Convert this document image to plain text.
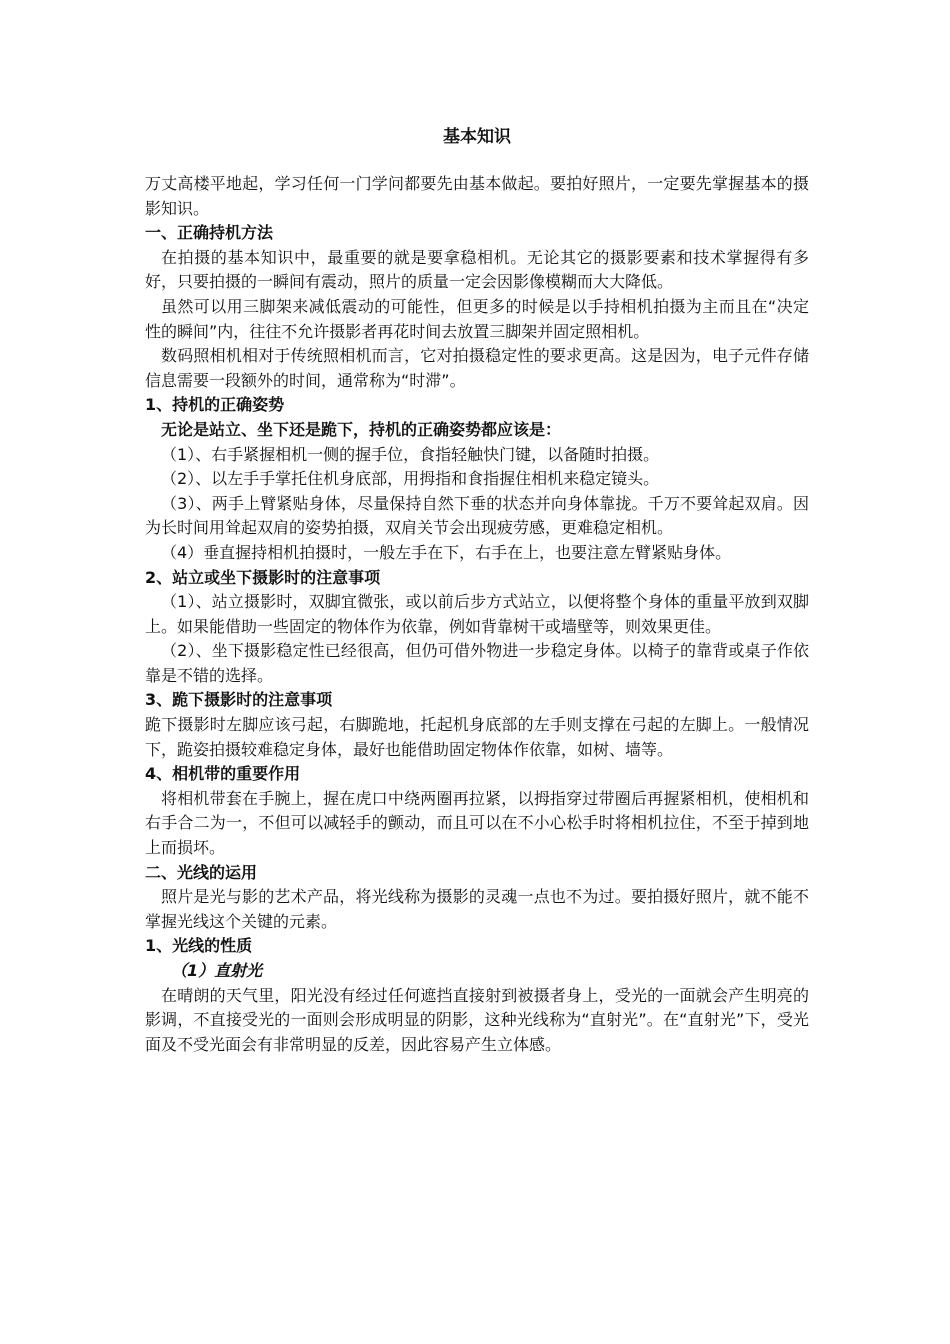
基本知识

万丈高楼平地起，学习任何一门学问都要先由基本做起。要拍好照片，一定要先掌握基本的摄影知识。

一、正确持机方法

在拍摄的基本知识中，最重要的就是要拿稳相机。无论其它的摄影要素和技术掌握得有多好，只要拍摄的一瞬间有震动，照片的质量一定会因影像模糊而大大降低。

虽然可以用三脚架来减低震动的可能性，但更多的时候是以手持相机拍摄为主而且在“决定性的瞬间”内，往往不允许摄影者再花时间去放置三脚架并固定照相机。

数码照相机相对于传统照相机而言，它对拍摄稳定性的要求更高。这是因为，电子元件存储信息需要一段额外的时间，通常称为“时滞”。

1、持机的正确姿势

无论是站立、坐下还是跪下，持机的正确姿势都应该是：

（1）、右手紧握相机一侧的握手位，食指轻触快门键，以备随时拍摄。

（2）、以左手手掌托住机身底部，用拇指和食指握住相机来稳定镜头。

（3）、两手上臂紧贴身体，尽量保持自然下垂的状态并向身体靠拢。千万不要耸起双肩。因为长时间用耸起双肩的姿势拍摄，双肩关节会出现疲劳感，更难稳定相机。

（4）垂直握持相机拍摄时，一般左手在下，右手在上，也要注意左臂紧贴身体。

2、站立或坐下摄影时的注意事项

（1）、站立摄影时，双脚宜微张，或以前后步方式站立，以便将整个身体的重量平放到双脚上。如果能借助一些固定的物体作为依靠，例如背靠树干或墙壁等，则效果更佳。

（2）、坐下摄影稳定性已经很高，但仍可借外物进一步稳定身体。以椅子的靠背或桌子作依靠是不错的选择。

3、跪下摄影时的注意事项

跪下摄影时左脚应该弓起，右脚跪地，托起机身底部的左手则支撑在弓起的左脚上。一般情况下，跪姿拍摄较难稳定身体，最好也能借助固定物体作依靠，如树、墙等。

4、相机带的重要作用

将相机带套在手腕上，握在虎口中绕两圈再拉紧，以拇指穿过带圈后再握紧相机，使相机和右手合二为一，不但可以减轻手的颤动，而且可以在不小心松手时将相机拉住，不至于掉到地上而损坏。

二、光线的运用

照片是光与影的艺术产品，将光线称为摄影的灵魂一点也不为过。要拍摄好照片，就不能不掌握光线这个关键的元素。

1、光线的性质

（1）直射光

在晴朗的天气里，阳光没有经过任何遮挡直接射到被摄者身上，受光的一面就会产生明亮的影调，不直接受光的一面则会形成明显的阴影，这种光线称为“直射光”。在“直射光”下，受光面及不受光面会有非常明显的反差，因此容易产生立体感。
